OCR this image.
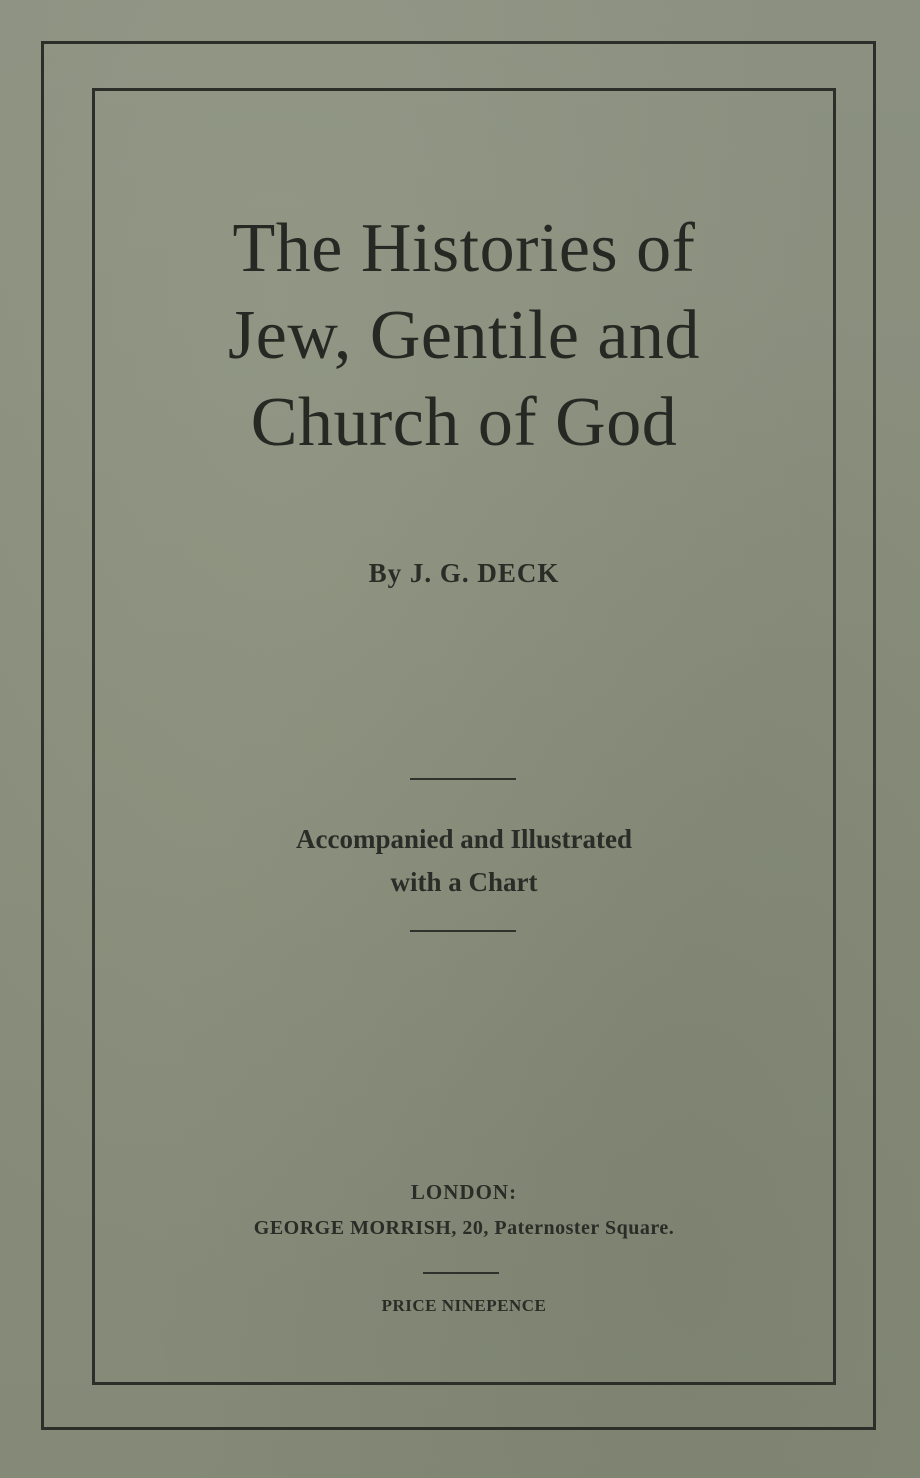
The Histories of
Jew, Gentile and
Church of God
By J. G. DECK
Accompanied and Illustrated
with a Chart
LONDON:
GEORGE MORRISH, 20, Paternoster Square.
PRICE NINEPENCE
